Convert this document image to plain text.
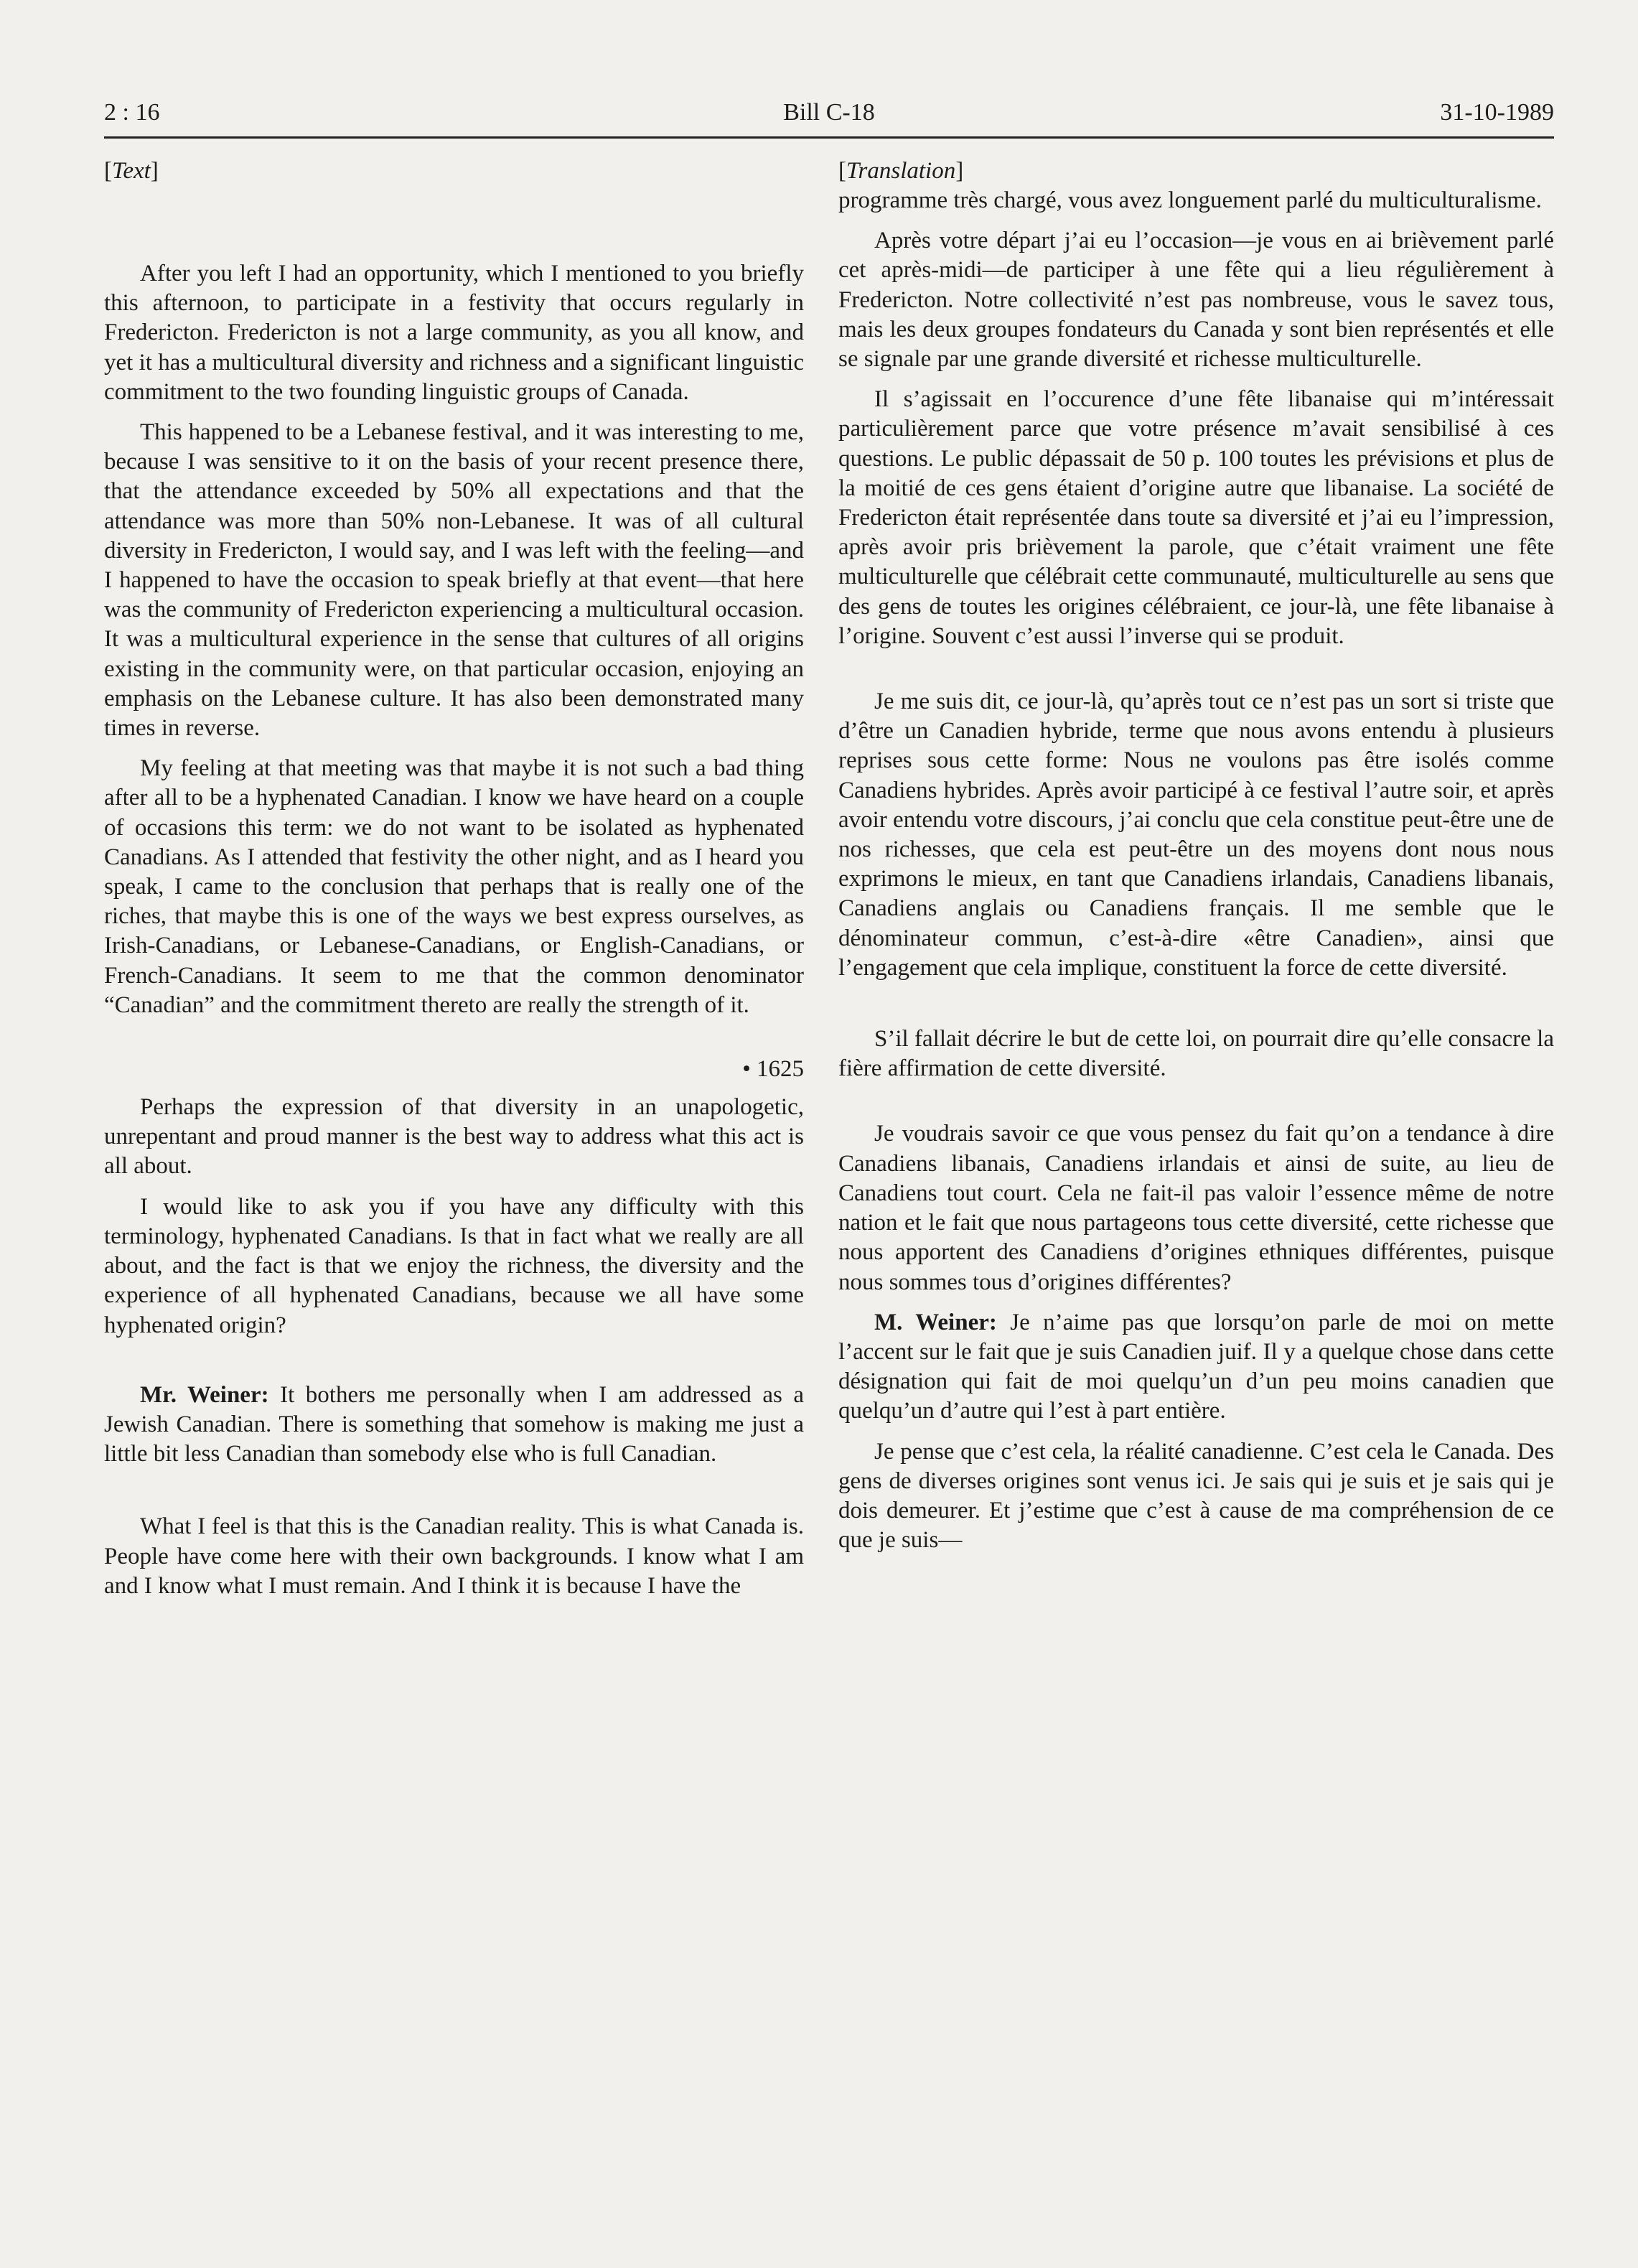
2 : 16	Bill C-18	31-10-1989
[Text]

After you left I had an opportunity, which I mentioned to you briefly this afternoon, to participate in a festivity that occurs regularly in Fredericton. Fredericton is not a large community, as you all know, and yet it has a multicultural diversity and richness and a significant linguistic commitment to the two founding linguistic groups of Canada.

This happened to be a Lebanese festival, and it was interesting to me, because I was sensitive to it on the basis of your recent presence there, that the attendance exceeded by 50% all expectations and that the attendance was more than 50% non-Lebanese. It was of all cultural diversity in Fredericton, I would say, and I was left with the feeling—and I happened to have the occasion to speak briefly at that event—that here was the community of Fredericton experiencing a multicultural occasion. It was a multicultural experience in the sense that cultures of all origins existing in the community were, on that particular occasion, enjoying an emphasis on the Lebanese culture. It has also been demonstrated many times in reverse.

My feeling at that meeting was that maybe it is not such a bad thing after all to be a hyphenated Canadian. I know we have heard on a couple of occasions this term: we do not want to be isolated as hyphenated Canadians. As I attended that festivity the other night, and as I heard you speak, I came to the conclusion that perhaps that is really one of the riches, that maybe this is one of the ways we best express ourselves, as Irish-Canadians, or Lebanese-Canadians, or English-Canadians, or French-Canadians. It seem to me that the common denominator “Canadian” and the commitment thereto are really the strength of it.

• 1625

Perhaps the expression of that diversity in an unapologetic, unrepentant and proud manner is the best way to address what this act is all about.

I would like to ask you if you have any difficulty with this terminology, hyphenated Canadians. Is that in fact what we really are all about, and the fact is that we enjoy the richness, the diversity and the experience of all hyphenated Canadians, because we all have some hyphenated origin?

Mr. Weiner: It bothers me personally when I am addressed as a Jewish Canadian. There is something that somehow is making me just a little bit less Canadian than somebody else who is full Canadian.

What I feel is that this is the Canadian reality. This is what Canada is. People have come here with their own backgrounds. I know what I am and I know what I must remain. And I think it is because I have the

[Translation]

programme très chargé, vous avez longuement parlé du multiculturalisme.

Après votre départ j’ai eu l’occasion—je vous en ai brièvement parlé cet après-midi—de participer à une fête qui a lieu régulièrement à Fredericton. Notre collectivité n’est pas nombreuse, vous le savez tous, mais les deux groupes fondateurs du Canada y sont bien représentés et elle se signale par une grande diversité et richesse multiculturelle.

Il s’agissait en l’occurence d’une fête libanaise qui m’intéressait particulièrement parce que votre présence m’avait sensibilisé à ces questions. Le public dépassait de 50 p. 100 toutes les prévisions et plus de la moitié de ces gens étaient d’origine autre que libanaise. La société de Fredericton était représentée dans toute sa diversité et j’ai eu l’impression, après avoir pris brièvement la parole, que c’était vraiment une fête multiculturelle que célébrait cette communauté, multiculturelle au sens que des gens de toutes les origines célébraient, ce jour-là, une fête libanaise à l’origine. Souvent c’est aussi l’inverse qui se produit.

Je me suis dit, ce jour-là, qu’après tout ce n’est pas un sort si triste que d’être un Canadien hybride, terme que nous avons entendu à plusieurs reprises sous cette forme: Nous ne voulons pas être isolés comme Canadiens hybrides. Après avoir participé à ce festival l’autre soir, et après avoir entendu votre discours, j’ai conclu que cela constitue peut-être une de nos richesses, que cela est peut-être un des moyens dont nous nous exprimons le mieux, en tant que Canadiens irlandais, Canadiens libanais, Canadiens anglais ou Canadiens français. Il me semble que le dénominateur commun, c’est-à-dire «être Canadien», ainsi que l’engagement que cela implique, constituent la force de cette diversité.

S’il fallait décrire le but de cette loi, on pourrait dire qu’elle consacre la fière affirmation de cette diversité.

Je voudrais savoir ce que vous pensez du fait qu’on a tendance à dire Canadiens libanais, Canadiens irlandais et ainsi de suite, au lieu de Canadiens tout court. Cela ne fait-il pas valoir l’essence même de notre nation et le fait que nous partageons tous cette diversité, cette richesse que nous apportent des Canadiens d’origines ethniques différentes, puisque nous sommes tous d’origines différentes?

M. Weiner: Je n’aime pas que lorsqu’on parle de moi on mette l’accent sur le fait que je suis Canadien juif. Il y a quelque chose dans cette désignation qui fait de moi quelqu’un d’un peu moins canadien que quelqu’un d’autre qui l’est à part entière.

Je pense que c’est cela, la réalité canadienne. C’est cela le Canada. Des gens de diverses origines sont venus ici. Je sais qui je suis et je sais qui je dois demeurer. Et j’estime que c’est à cause de ma compréhension de ce que je suis—
